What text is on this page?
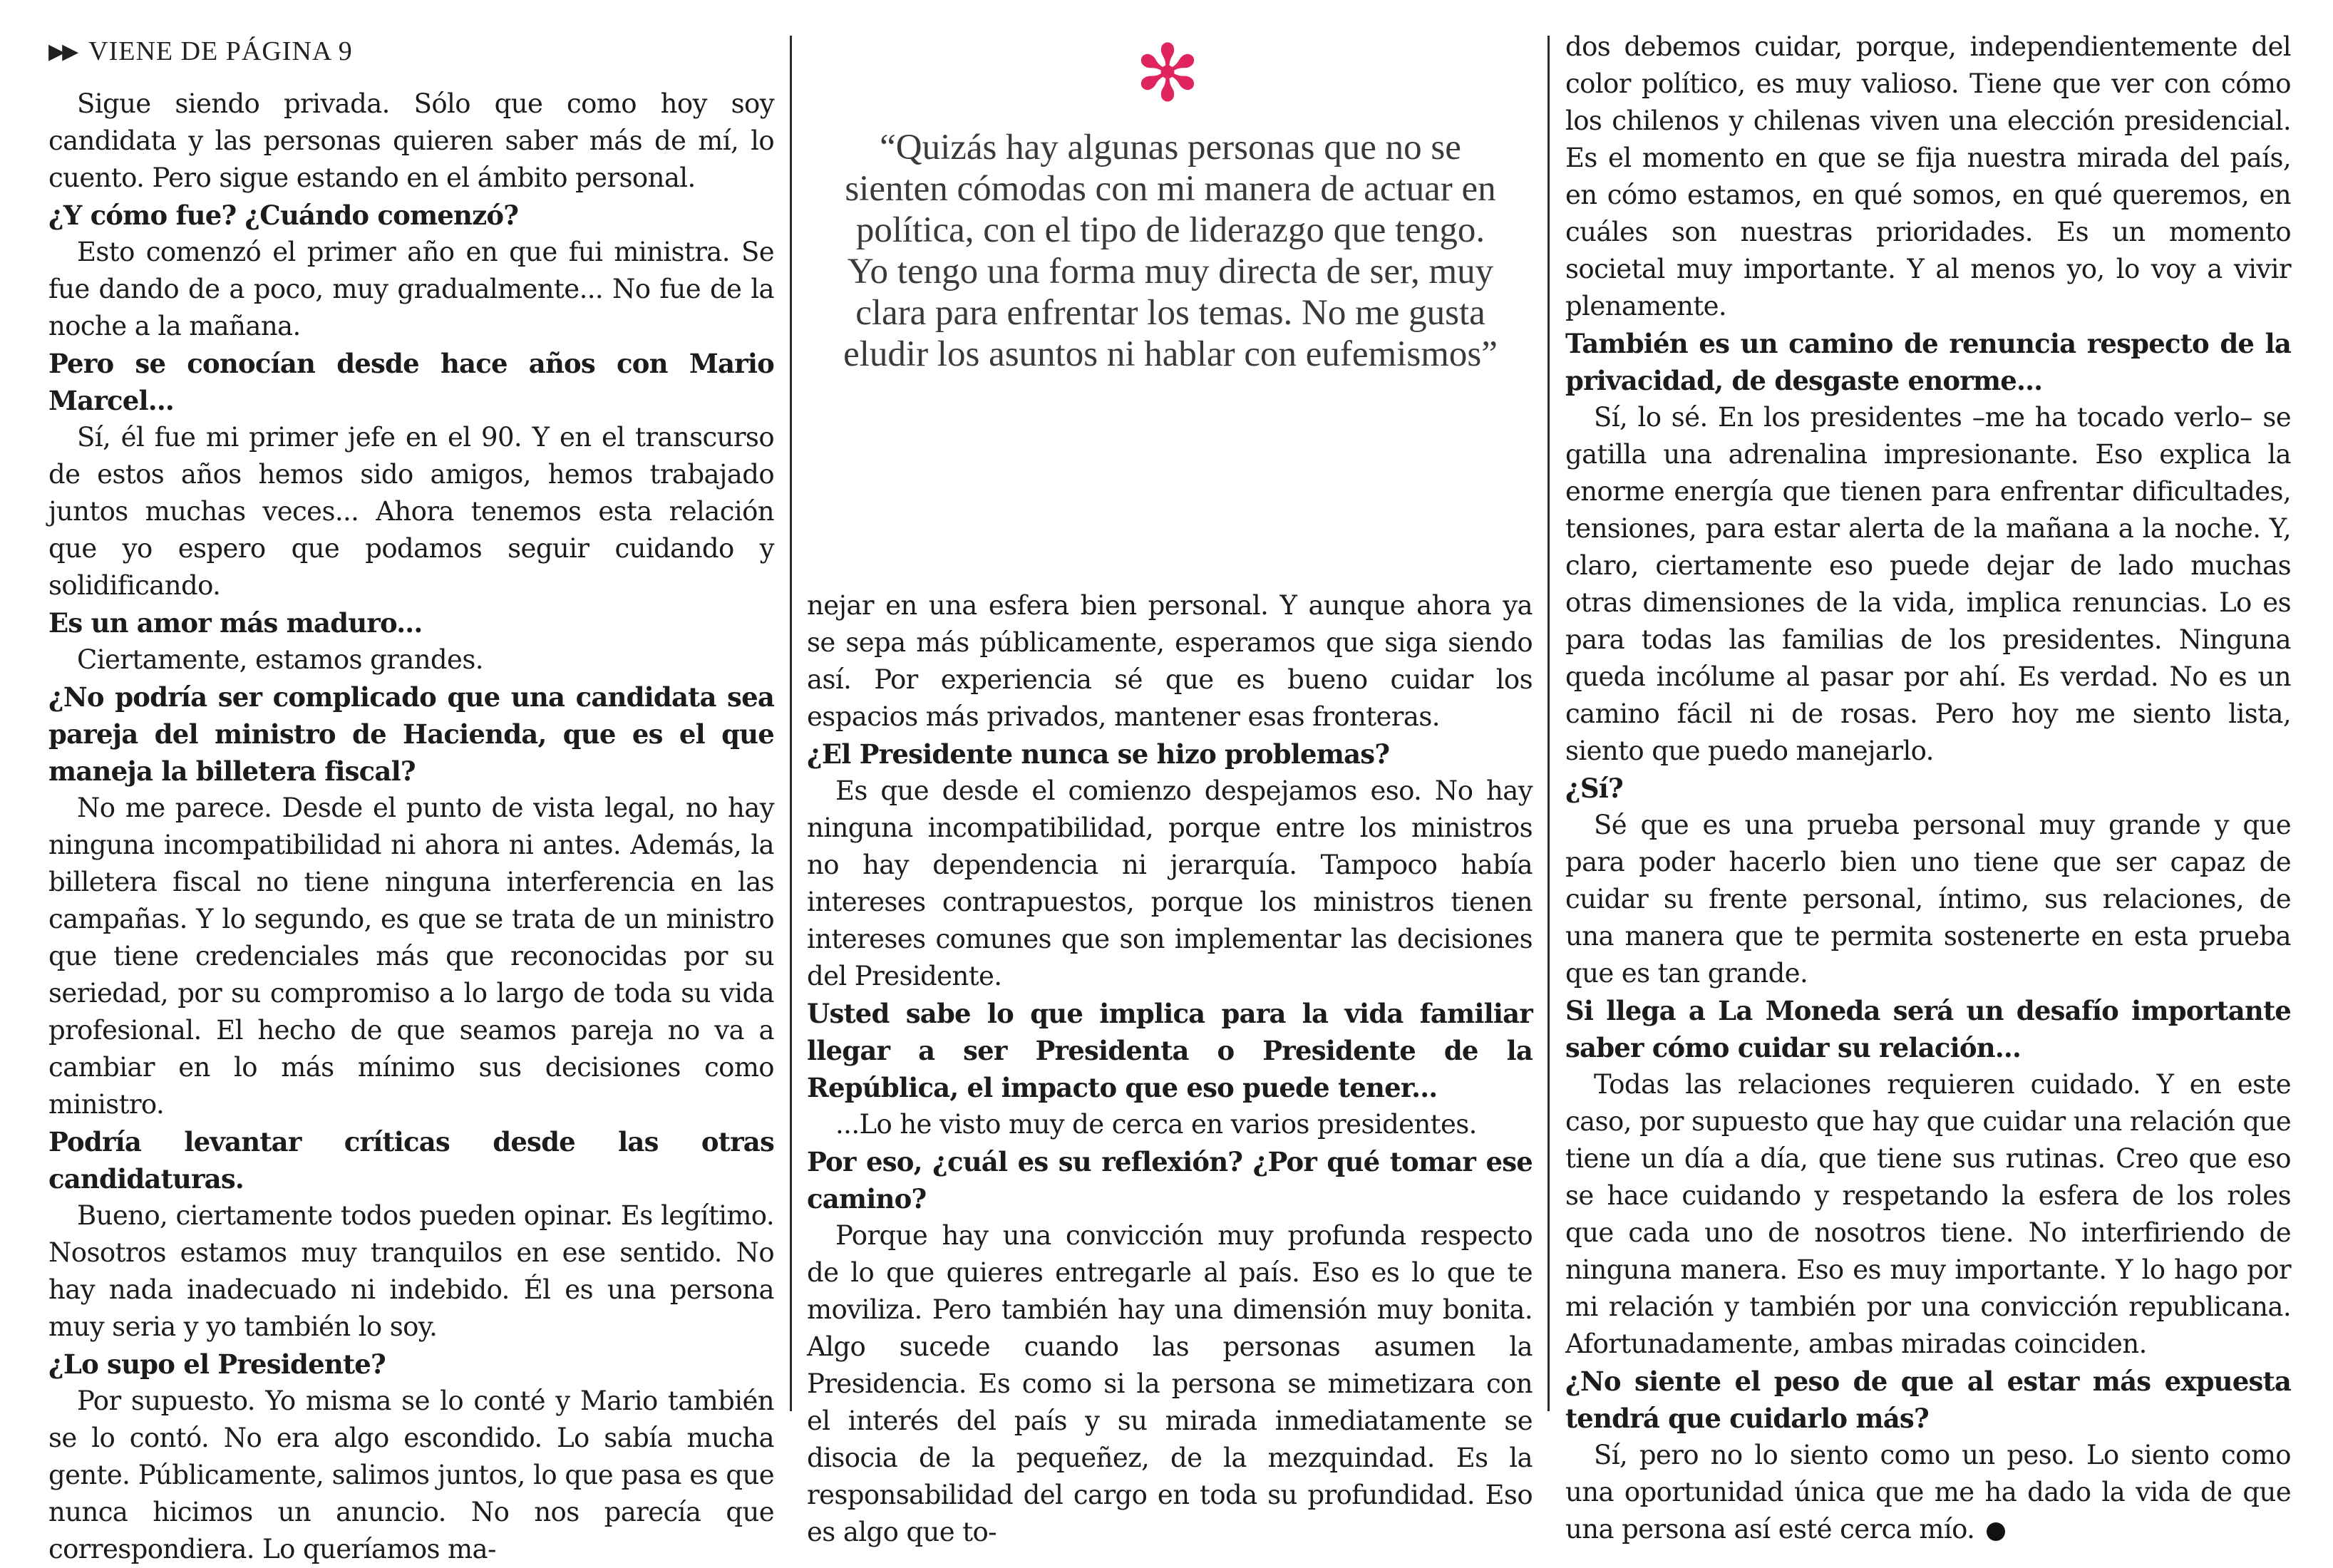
✻
“Quizás hay algunas personas que no se sienten cómodas con mi manera de actuar en política, con el tipo de liderazgo que tengo. Yo tengo una forma muy directa de ser, muy clara para enfrentar los temas. No me gusta eludir los asuntos ni hablar con eufemismos”
▶▶ VIENE DE PÁGINA 9

Sigue siendo privada. Sólo que como hoy soy candidata y las personas quieren saber más de mí, lo cuento. Pero sigue estando en el ámbito personal.

¿Y cómo fue? ¿Cuándo comenzó?

Esto comenzó el primer año en que fui ministra. Se fue dando de a poco, muy gradualmente... No fue de la noche a la mañana.

Pero se conocían desde hace años con Mario Marcel...

Sí, él fue mi primer jefe en el 90. Y en el transcurso de estos años hemos sido amigos, hemos trabajado juntos muchas veces... Ahora tenemos esta relación que yo espero que podamos seguir cuidando y solidificando.

Es un amor más maduro...

Ciertamente, estamos grandes.

¿No podría ser complicado que una candidata sea pareja del ministro de Hacienda, que es el que maneja la billetera fiscal?

No me parece. Desde el punto de vista legal, no hay ninguna incompatibilidad ni ahora ni antes. Además, la billetera fiscal no tiene ninguna interferencia en las campañas. Y lo segundo, es que se trata de un ministro que tiene credenciales más que reconocidas por su seriedad, por su compromiso a lo largo de toda su vida profesional. El hecho de que seamos pareja no va a cambiar en lo más mínimo sus decisiones como ministro.

Podría levantar críticas desde las otras candidaturas.

Bueno, ciertamente todos pueden opinar. Es legítimo. Nosotros estamos muy tranquilos en ese sentido. No hay nada inadecuado ni indebido. Él es una persona muy seria y yo también lo soy.

¿Lo supo el Presidente?

Por supuesto. Yo misma se lo conté y Mario también se lo contó. No era algo escondido. Lo sabía mucha gente. Públicamente, salimos juntos, lo que pasa es que nunca hicimos un anuncio. No nos parecía que correspondiera. Lo queríamos ma-

nejar en una esfera bien personal. Y aunque ahora ya se sepa más públicamente, esperamos que siga siendo así. Por experiencia sé que es bueno cuidar los espacios más privados, mantener esas fronteras.

¿El Presidente nunca se hizo problemas?

Es que desde el comienzo despejamos eso. No hay ninguna incompatibilidad, porque entre los ministros no hay dependencia ni jerarquía. Tampoco había intereses contrapuestos, porque los ministros tienen intereses comunes que son implementar las decisiones del Presidente.

Usted sabe lo que implica para la vida familiar llegar a ser Presidenta o Presidente de la República, el impacto que eso puede tener...

...Lo he visto muy de cerca en varios presidentes.

Por eso, ¿cuál es su reflexión? ¿Por qué tomar ese camino?

Porque hay una convicción muy profunda respecto de lo que quieres entregarle al país. Eso es lo que te moviliza. Pero también hay una dimensión muy bonita. Algo sucede cuando las personas asumen la Presidencia. Es como si la persona se mimetizara con el interés del país y su mirada inmediatamente se disocia de la pequeñez, de la mezquindad. Es la responsabilidad del cargo en toda su profundidad. Eso es algo que to-

dos debemos cuidar, porque, independientemente del color político, es muy valioso. Tiene que ver con cómo los chilenos y chilenas viven una elección presidencial. Es el momento en que se fija nuestra mirada del país, en cómo estamos, en qué somos, en qué queremos, en cuáles son nuestras prioridades. Es un momento societal muy importante. Y al menos yo, lo voy a vivir plenamente.

También es un camino de renuncia respecto de la privacidad, de desgaste enorme...

Sí, lo sé. En los presidentes –me ha tocado verlo– se gatilla una adrenalina impresionante. Eso explica la enorme energía que tienen para enfrentar dificultades, tensiones, para estar alerta de la mañana a la noche. Y, claro, ciertamente eso puede dejar de lado muchas otras dimensiones de la vida, implica renuncias. Lo es para todas las familias de los presidentes. Ninguna queda incólume al pasar por ahí. Es verdad. No es un camino fácil ni de rosas. Pero hoy me siento lista, siento que puedo manejarlo.

¿Sí?

Sé que es una prueba personal muy grande y que para poder hacerlo bien uno tiene que ser capaz de cuidar su frente personal, íntimo, sus relaciones, de una manera que te permita sostenerte en esta prueba que es tan grande.

Si llega a La Moneda será un desafío importante saber cómo cuidar su relación...

Todas las relaciones requieren cuidado. Y en este caso, por supuesto que hay que cuidar una relación que tiene un día a día, que tiene sus rutinas. Creo que eso se hace cuidando y respetando la esfera de los roles que cada uno de nosotros tiene. No interfiriendo de ninguna manera. Eso es muy importante. Y lo hago por mi relación y también por una convicción republicana. Afortunadamente, ambas miradas coinciden.

¿No siente el peso de que al estar más expuesta tendrá que cuidarlo más?

Sí, pero no lo siento como un peso. Lo siento como una oportunidad única que me ha dado la vida de que una persona así esté cerca mío.	⊙
